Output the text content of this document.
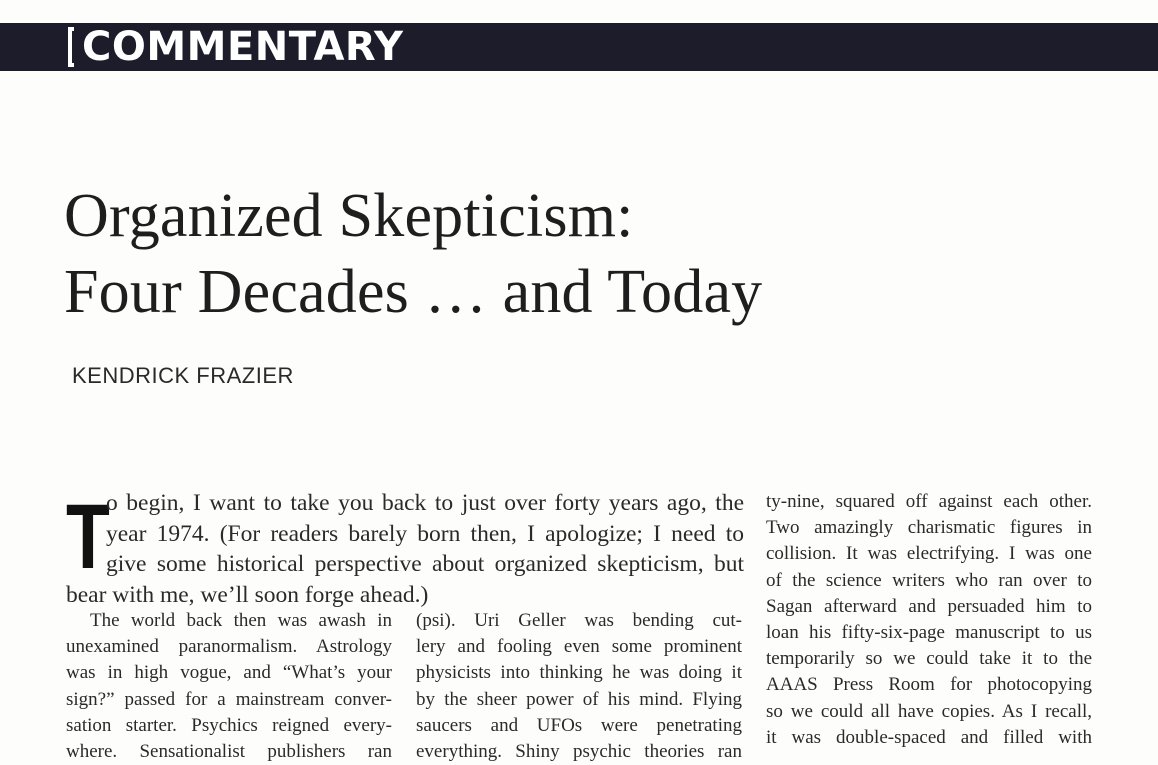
COMMENTARY
Organized Skepticism:
Four Decades … and Today
KENDRICK FRAZIER
T
o begin, I want to take you back to just over forty years ago, the
year 1974. (For readers barely born then, I apologize; I need to
give some historical perspective about organized skepticism, but
bear with me, we’ll soon forge ahead.)
The world back then was awash in
unexamined paranormalism. Astrology
was in high vogue, and “What’s your
sign?” passed for a mainstream conver-
sation starter. Psychics reigned every-
where. Sensationalist publishers ran
(psi). Uri Geller was bending cut-
lery and fooling even some prominent
physicists into thinking he was doing it
by the sheer power of his mind. Flying
saucers and UFOs were penetrating
everything. Shiny psychic theories ran
ty-nine, squared off against each other.
Two amazingly charismatic figures in
collision. It was electrifying. I was one
of the science writers who ran over to
Sagan afterward and persuaded him to
loan his fifty-six-page manuscript to us
temporarily so we could take it to the
AAAS Press Room for photocopying
so we could all have copies. As I recall,
it was double-spaced and filled with
